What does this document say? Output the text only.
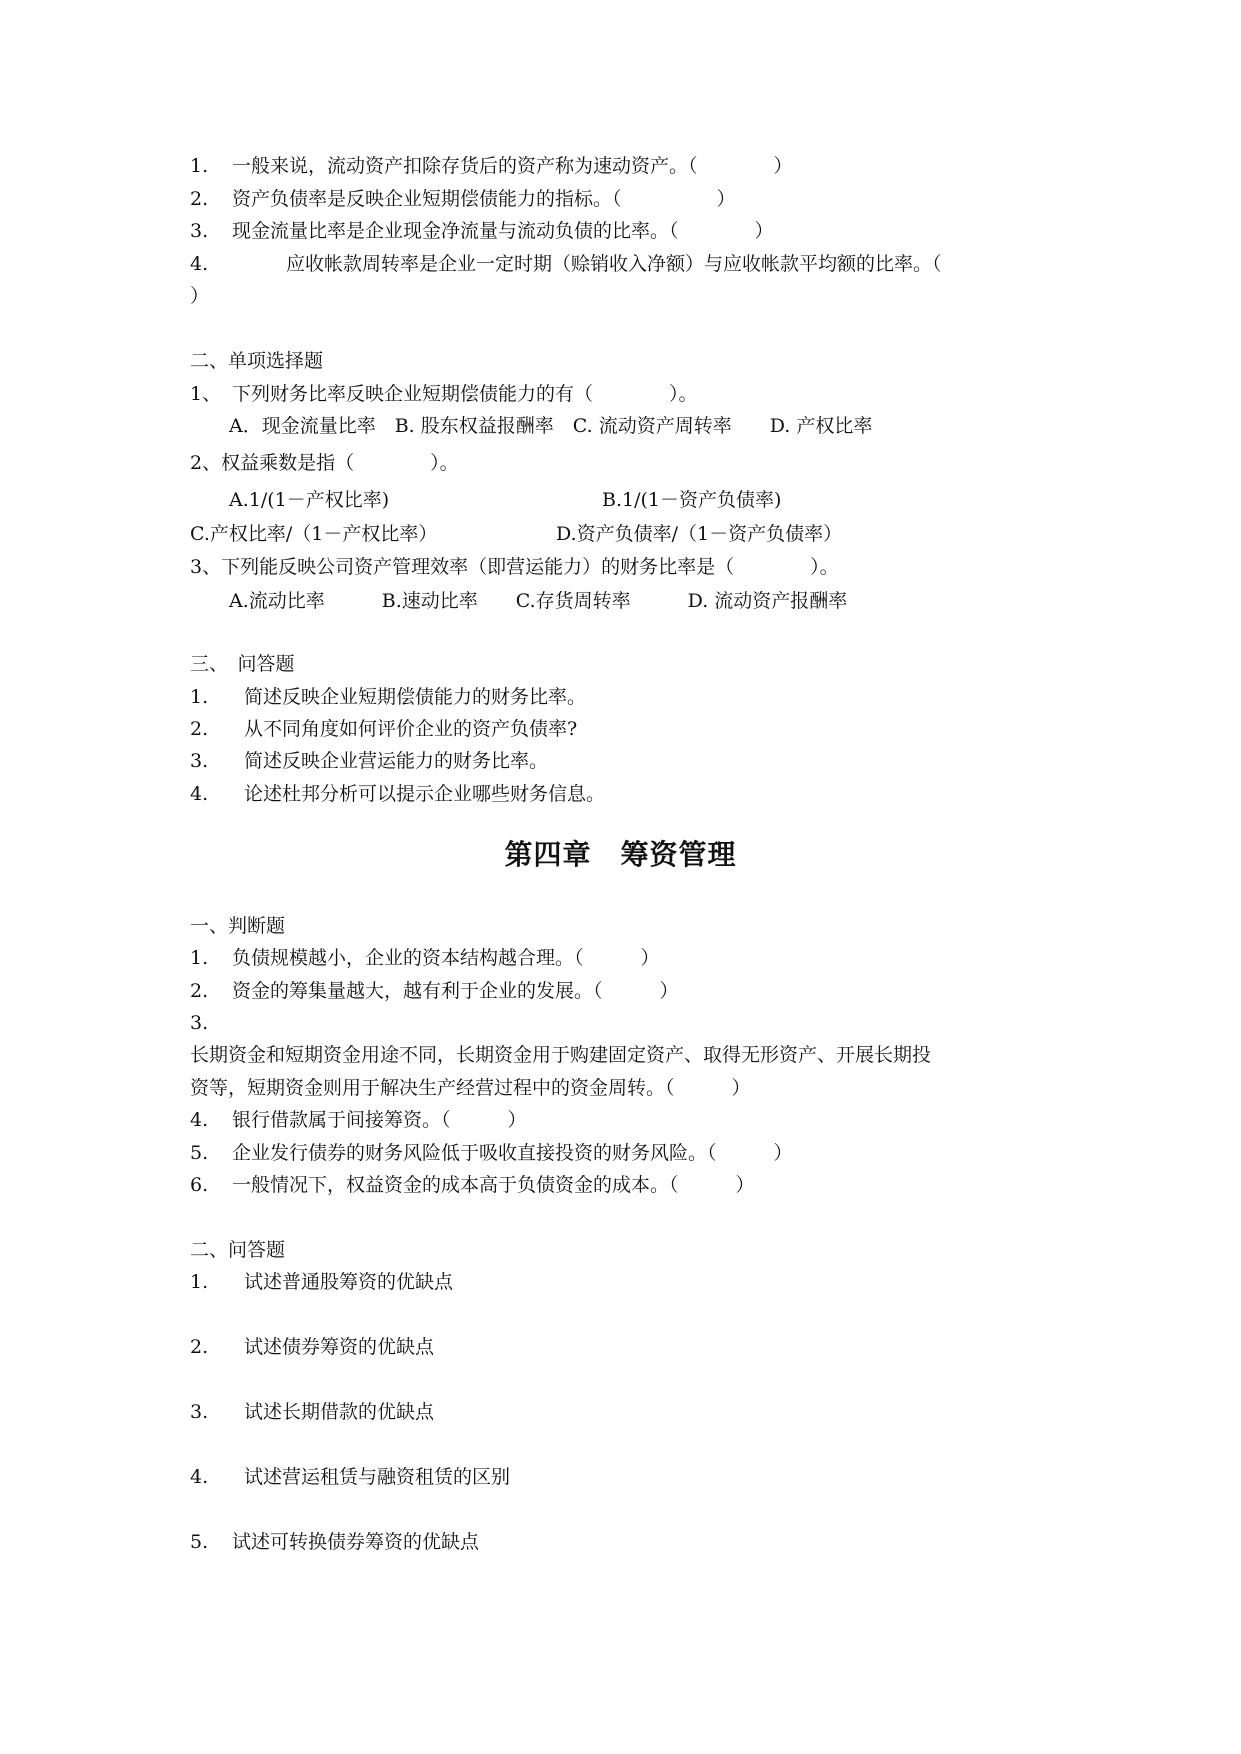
1. 一般来说，流动资产扣除存货后的资产称为速动资产。（　　　　）
2. 资产负债率是反映企业短期偿债能力的指标。（　　　　　）
3. 现金流量比率是企业现金净流量与流动负债的比率。（　　　　）
4.	应收帐款周转率是企业一定时期（赊销收入净额）与应收帐款平均额的比率。（
）
二、单项选择题
1、 下列财务比率反映企业短期偿债能力的有（　　　　）。
A．现金流量比率　B. 股东权益报酬率　C. 流动资产周转率　　D. 产权比率
2、权益乘数是指（　　　　）。
A.1/(1－产权比率)	B.1/(1－资产负债率)
C.产权比率/（1－产权比率）	D.资产负债率/（1－资产负债率）
3、下列能反映公司资产管理效率（即营运能力）的财务比率是（　　　　）。
A.流动比率　　　B.速动比率　　C.存货周转率　　　D. 流动资产报酬率
三、　问答题
1. 简述反映企业短期偿债能力的财务比率。
2. 从不同角度如何评价企业的资产负债率?
3. 简述反映企业营运能力的财务比率。
4. 论述杜邦分析可以提示企业哪些财务信息。
第四章　筹资管理
一、判断题
1. 负债规模越小，企业的资本结构越合理。（　　　）
2. 资金的筹集量越大，越有利于企业的发展。（　　　）
3.
长期资金和短期资金用途不同，长期资金用于购建固定资产、取得无形资产、开展长期投
资等，短期资金则用于解决生产经营过程中的资金周转。（　　　）
4. 银行借款属于间接筹资。（　　　）
5. 企业发行债券的财务风险低于吸收直接投资的财务风险。（　　　）
6. 一般情况下，权益资金的成本高于负债资金的成本。（　　　）
二、问答题
1. 试述普通股筹资的优缺点
2. 试述债券筹资的优缺点
3. 试述长期借款的优缺点
4. 试述营运租赁与融资租赁的区别
5. 试述可转换债券筹资的优缺点
